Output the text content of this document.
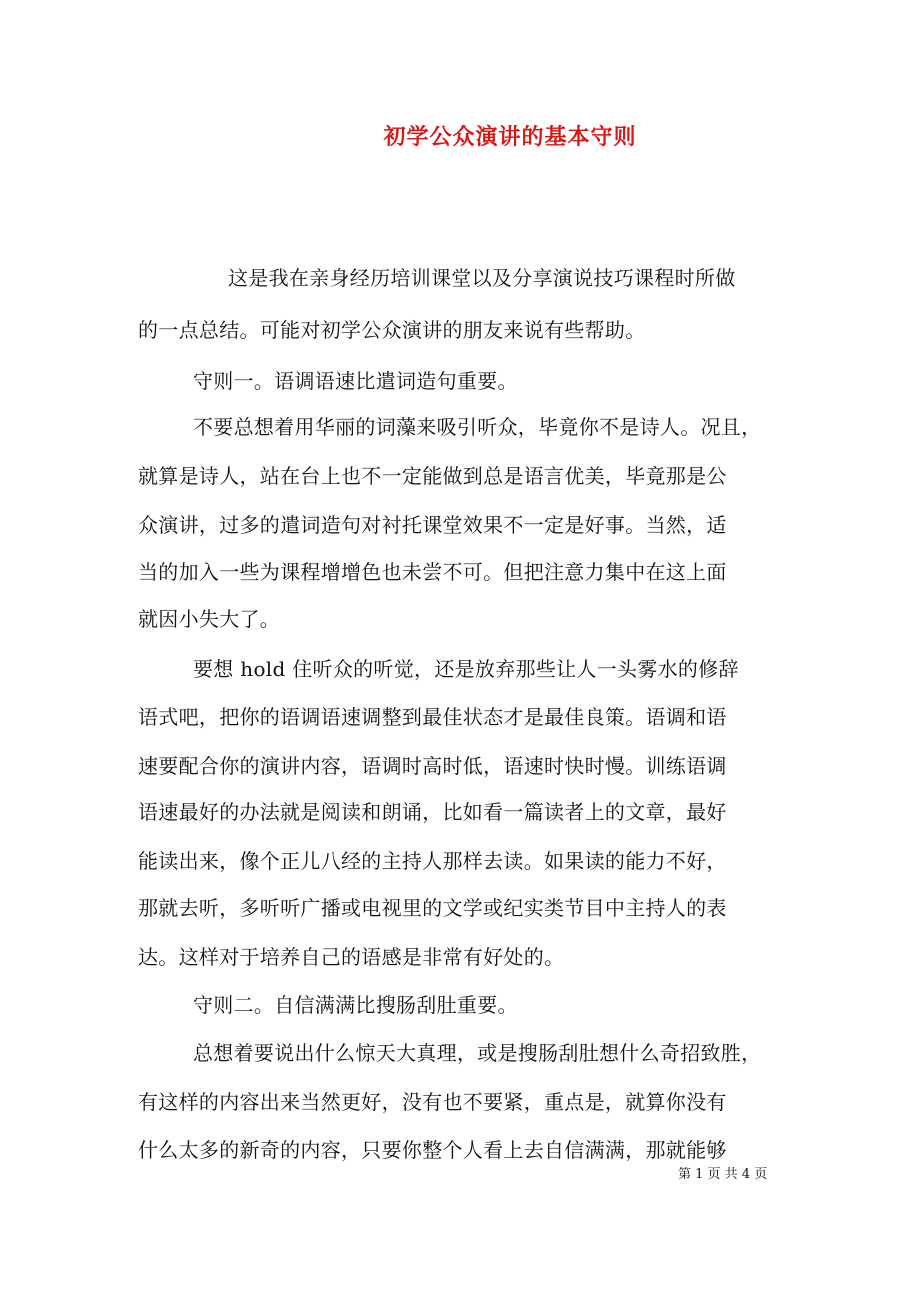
初学公众演讲的基本守则
这是我在亲身经历培训课堂以及分享演说技巧课程时所做
的一点总结。可能对初学公众演讲的朋友来说有些帮助。
守则一。语调语速比遣词造句重要。
不要总想着用华丽的词藻来吸引听众，毕竟你不是诗人。况且，
就算是诗人，站在台上也不一定能做到总是语言优美，毕竟那是公
众演讲，过多的遣词造句对衬托课堂效果不一定是好事。当然，适
当的加入一些为课程增增色也未尝不可。但把注意力集中在这上面
就因小失大了。
要想 hold 住听众的听觉，还是放弃那些让人一头雾水的修辞
语式吧，把你的语调语速调整到最佳状态才是最佳良策。语调和语
速要配合你的演讲内容，语调时高时低，语速时快时慢。训练语调
语速最好的办法就是阅读和朗诵，比如看一篇读者上的文章，最好
能读出来，像个正儿八经的主持人那样去读。如果读的能力不好，
那就去听，多听听广播或电视里的文学或纪实类节目中主持人的表
达。这样对于培养自己的语感是非常有好处的。
守则二。自信满满比搜肠刮肚重要。
总想着要说出什么惊天大真理，或是搜肠刮肚想什么奇招致胜，
有这样的内容出来当然更好，没有也不要紧，重点是，就算你没有
什么太多的新奇的内容，只要你整个人看上去自信满满，那就能够
第 1 页 共 4 页
